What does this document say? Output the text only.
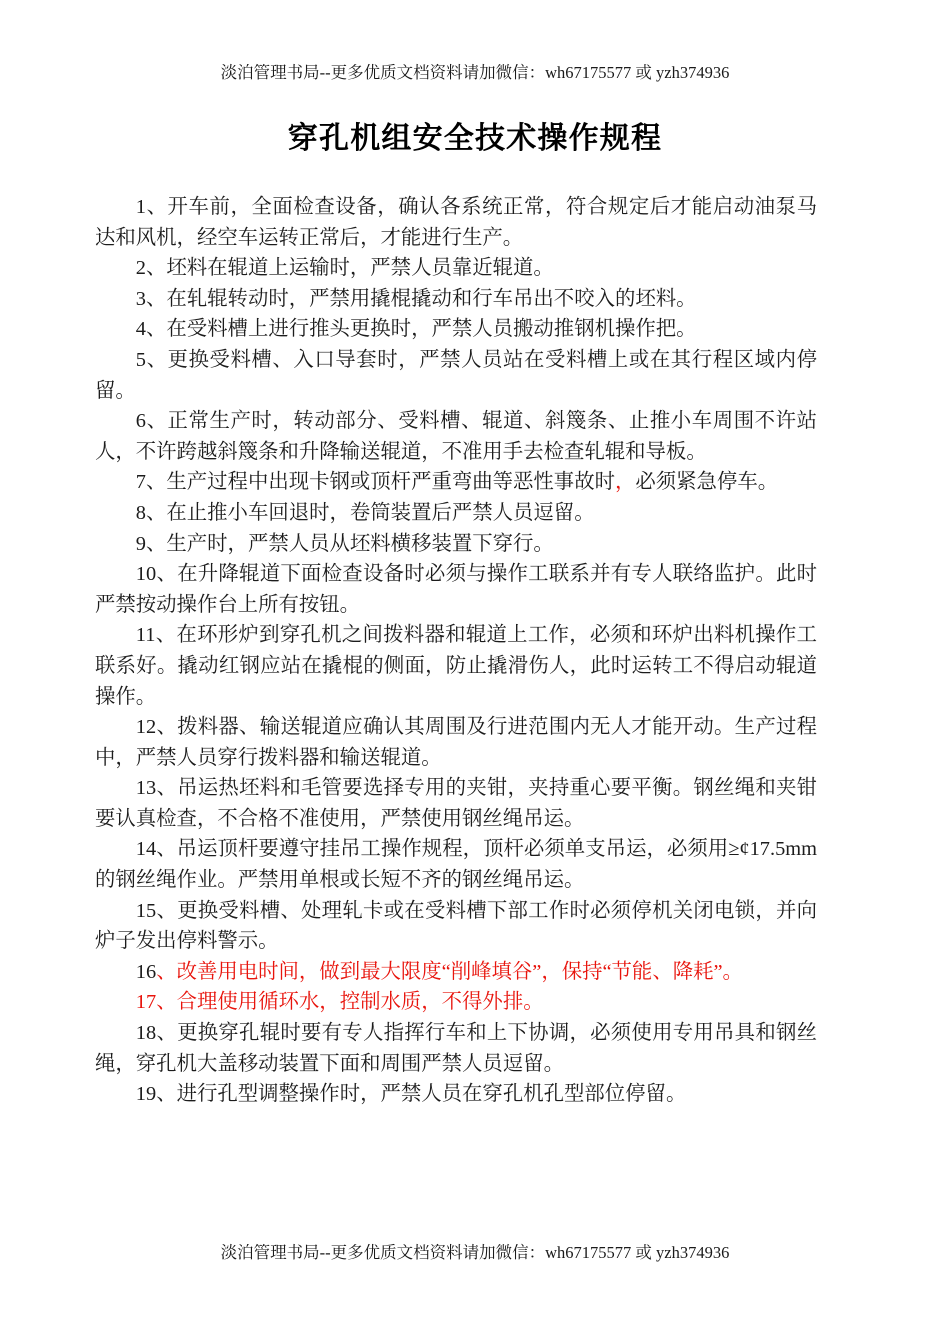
淡泊管理书局--更多优质文档资料请加微信：wh67175577 或 yzh374936
穿孔机组安全技术操作规程

1、开车前，全面检查设备，确认各系统正常，符合规定后才能启动油泵马达和风机，经空车运转正常后，才能进行生产。

2、坯料在辊道上运输时，严禁人员靠近辊道。

3、在轧辊转动时，严禁用撬棍撬动和行车吊出不咬入的坯料。

4、在受料槽上进行推头更换时，严禁人员搬动推钢机操作把。

5、更换受料槽、入口导套时，严禁人员站在受料槽上或在其行程区域内停留。

6、正常生产时，转动部分、受料槽、辊道、斜篾条、止推小车周围不许站人，不许跨越斜篾条和升降输送辊道，不准用手去检查轧辊和导板。

7、生产过程中出现卡钢或顶杆严重弯曲等恶性事故时，必须紧急停车。

8、在止推小车回退时，卷筒装置后严禁人员逗留。

9、生产时，严禁人员从坯料横移装置下穿行。

10、在升降辊道下面检查设备时必须与操作工联系并有专人联络监护。此时严禁按动操作台上所有按钮。

11、在环形炉到穿孔机之间拨料器和辊道上工作，必须和环炉出料机操作工联系好。撬动红钢应站在撬棍的侧面，防止撬滑伤人，此时运转工不得启动辊道操作。

12、拨料器、输送辊道应确认其周围及行进范围内无人才能开动。生产过程中，严禁人员穿行拨料器和输送辊道。

13、吊运热坯料和毛管要选择专用的夹钳，夹持重心要平衡。钢丝绳和夹钳要认真检查，不合格不准使用，严禁使用钢丝绳吊运。

14、吊运顶杆要遵守挂吊工操作规程，顶杆必须单支吊运，必须用≥¢17.5mm的钢丝绳作业。严禁用单根或长短不齐的钢丝绳吊运。

15、更换受料槽、处理轧卡或在受料槽下部工作时必须停机关闭电锁，并向炉子发出停料警示。

16、改善用电时间，做到最大限度“削峰填谷”，保持“节能、降耗”。

17、合理使用循环水，控制水质，不得外排。

18、更换穿孔辊时要有专人指挥行车和上下协调，必须使用专用吊具和钢丝绳，穿孔机大盖移动装置下面和周围严禁人员逗留。

19、进行孔型调整操作时，严禁人员在穿孔机孔型部位停留。

淡泊管理书局--更多优质文档资料请加微信：wh67175577 或 yzh374936
